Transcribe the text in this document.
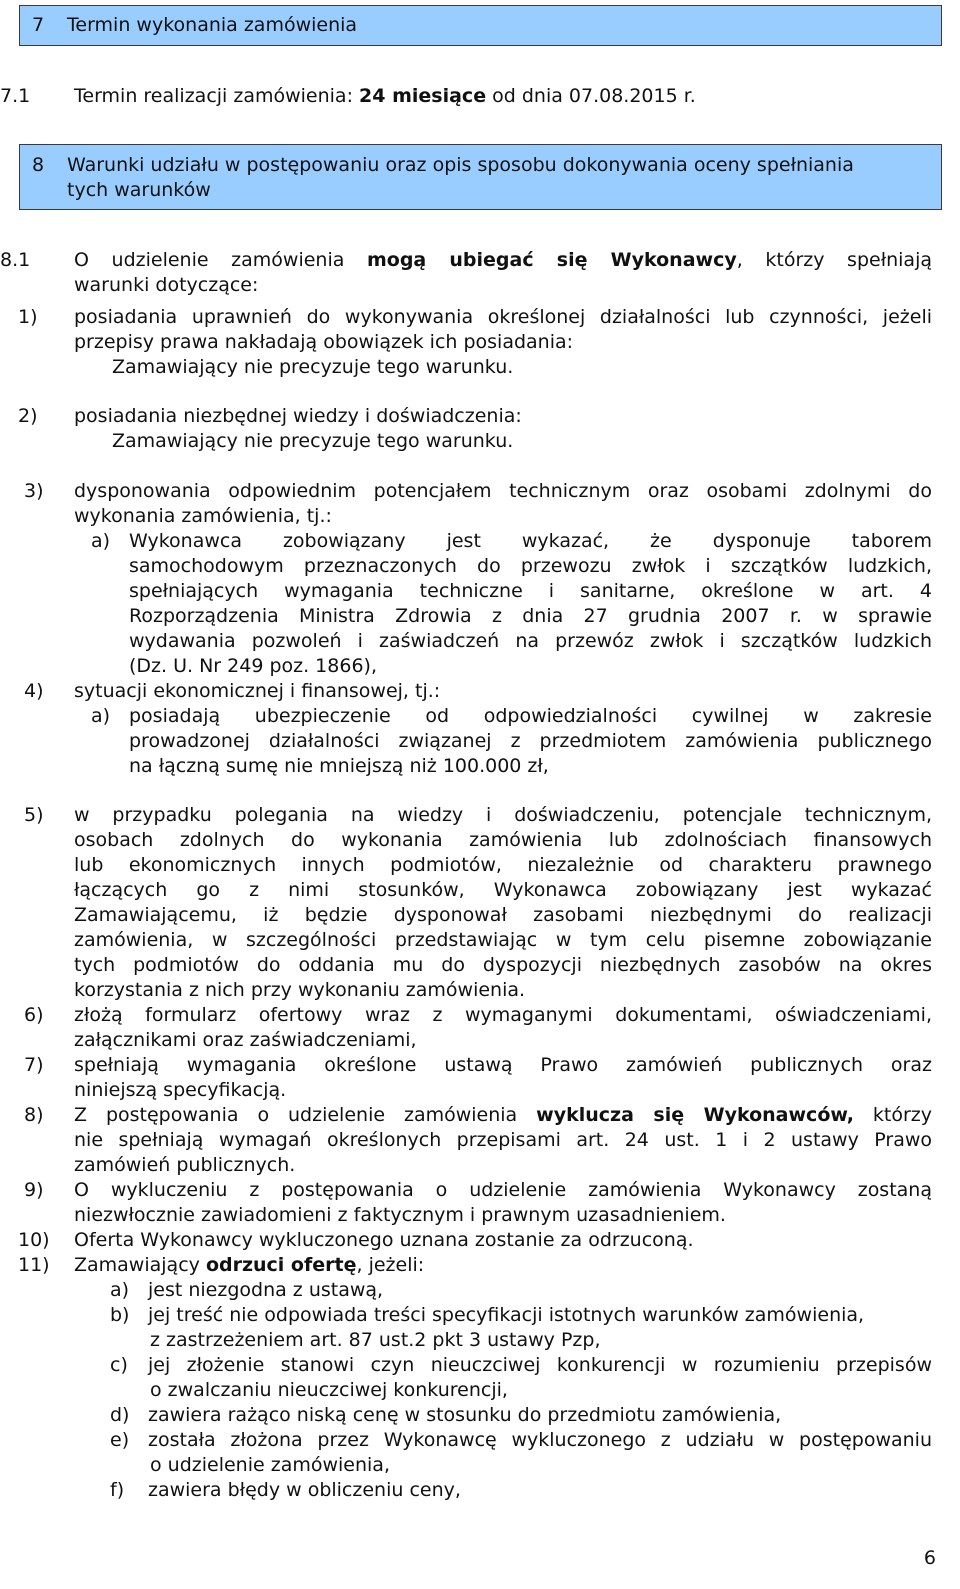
7 Termin wykonania zamówienia
7.1 Termin realizacji zamówienia: 24 miesiące od dnia 07.08.2015 r.
8 Warunki udziału w postępowaniu oraz opis sposobu dokonywania oceny spełniania
tych warunków
8.1 O udzielenie zamówienia mogą ubiegać się Wykonawcy, którzy spełniają
warunki dotyczące:
1) posiadania uprawnień do wykonywania określonej działalności lub czynności, jeżeli
przepisy prawa nakładają obowiązek ich posiadania:
Zamawiający nie precyzuje tego warunku.
2) posiadania niezbędnej wiedzy i doświadczenia:
Zamawiający nie precyzuje tego warunku.
3) dysponowania odpowiednim potencjałem technicznym oraz osobami zdolnymi do
wykonania zamówienia, tj.:
a) Wykonawca zobowiązany jest wykazać, że dysponuje taborem
samochodowym przeznaczonych do przewozu zwłok i szczątków ludzkich,
spełniających wymagania techniczne i sanitarne, określone w art. 4
Rozporządzenia Ministra Zdrowia z dnia 27 grudnia 2007 r. w sprawie
wydawania pozwoleń i zaświadczeń na przewóz zwłok i szczątków ludzkich
(Dz. U. Nr 249 poz. 1866),
4) sytuacji ekonomicznej i finansowej, tj.:
a) posiadają ubezpieczenie od odpowiedzialności cywilnej w zakresie
prowadzonej działalności związanej z przedmiotem zamówienia publicznego
na łączną sumę nie mniejszą niż 100.000 zł,
5) w przypadku polegania na wiedzy i doświadczeniu, potencjale technicznym,
osobach zdolnych do wykonania zamówienia lub zdolnościach finansowych
lub ekonomicznych innych podmiotów, niezależnie od charakteru prawnego
łączących go z nimi stosunków, Wykonawca zobowiązany jest wykazać
Zamawiającemu, iż będzie dysponował zasobami niezbędnymi do realizacji
zamówienia, w szczególności przedstawiając w tym celu pisemne zobowiązanie
tych podmiotów do oddania mu do dyspozycji niezbędnych zasobów na okres
korzystania z nich przy wykonaniu zamówienia.
6) złożą formularz ofertowy wraz z wymaganymi dokumentami, oświadczeniami,
załącznikami oraz zaświadczeniami,
7) spełniają wymagania określone ustawą Prawo zamówień publicznych oraz
niniejszą specyfikacją.
8) Z postępowania o udzielenie zamówienia wyklucza się Wykonawców, którzy
nie spełniają wymagań określonych przepisami art. 24 ust. 1 i 2 ustawy Prawo
zamówień publicznych.
9) O wykluczeniu z postępowania o udzielenie zamówienia Wykonawcy zostaną
niezwłocznie zawiadomieni z faktycznym i prawnym uzasadnieniem.
10) Oferta Wykonawcy wykluczonego uznana zostanie za odrzuconą.
11) Zamawiający odrzuci ofertę, jeżeli:
a) jest niezgodna z ustawą,
b) jej treść nie odpowiada treści specyfikacji istotnych warunków zamówienia,
z zastrzeżeniem art. 87 ust.2 pkt 3 ustawy Pzp,
c) jej złożenie stanowi czyn nieuczciwej konkurencji w rozumieniu przepisów
o zwalczaniu nieuczciwej konkurencji,
d) zawiera rażąco niską cenę w stosunku do przedmiotu zamówienia,
e) została złożona przez Wykonawcę wykluczonego z udziału w postępowaniu
o udzielenie zamówienia,
f) zawiera błędy w obliczeniu ceny,
6
